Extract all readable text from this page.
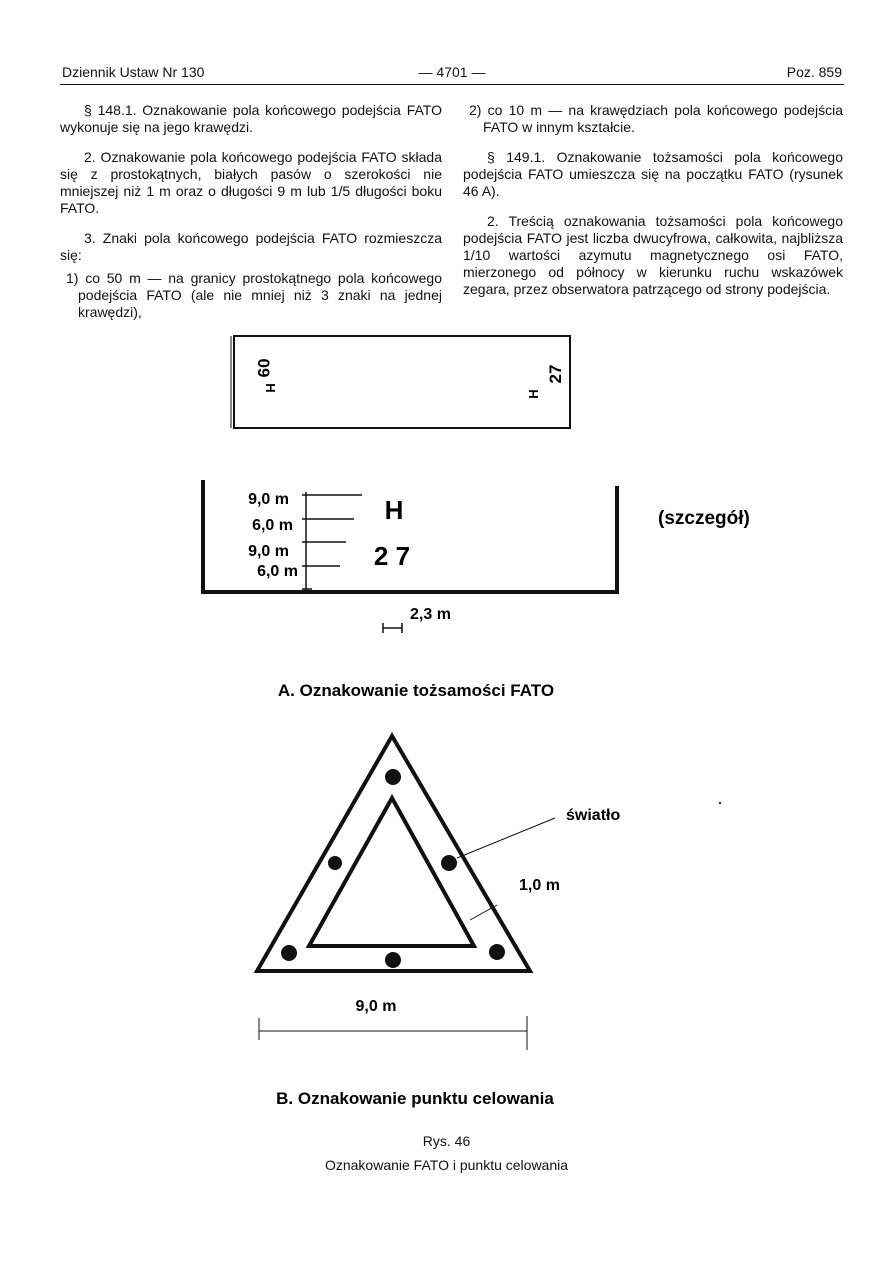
Dziennik Ustaw Nr 130	— 4701 —	Poz. 859

§ 148.1. Oznakowanie pola końcowego podejścia FATO wykonuje się na jego krawędzi.

2. Oznakowanie pola końcowego podejścia FATO składa się z prostokątnych, białych pasów o szerokości nie mniejszej niż 1 m oraz o długości 9 m lub 1/5 długości boku FATO.

3. Znaki pola końcowego podejścia FATO rozmieszcza się:

1) co 50 m — na granicy prostokątnego pola końcowego podejścia FATO (ale nie mniej niż 3 znaki na jednej krawędzi),

2) co 10 m — na krawędziach pola końcowego podejścia FATO w innym kształcie.

§ 149.1. Oznakowanie tożsamości pola końcowego podejścia FATO umieszcza się na początku FATO (rysunek 46 A).

2. Treścią oznakowania tożsamości pola końcowego podejścia FATO jest liczba dwucyfrowa, całkowita, najbliższa 1/10 wartości azymutu magnetycznego osi FATO, mierzonego od północy w kierunku ruchu wskazówek zegara, przez obserwatora patrzącego od strony podejścia.

09
H
H
27
9,0 m
6,0 m
9,0 m
6,0 m
H
2 7
(szczegół)
2,3 m
A. Oznakowanie tożsamości FATO
światło
1,0 m
9,0 m
B. Oznakowanie punktu celowania
Rys. 46
Oznakowanie FATO i punktu celowania
